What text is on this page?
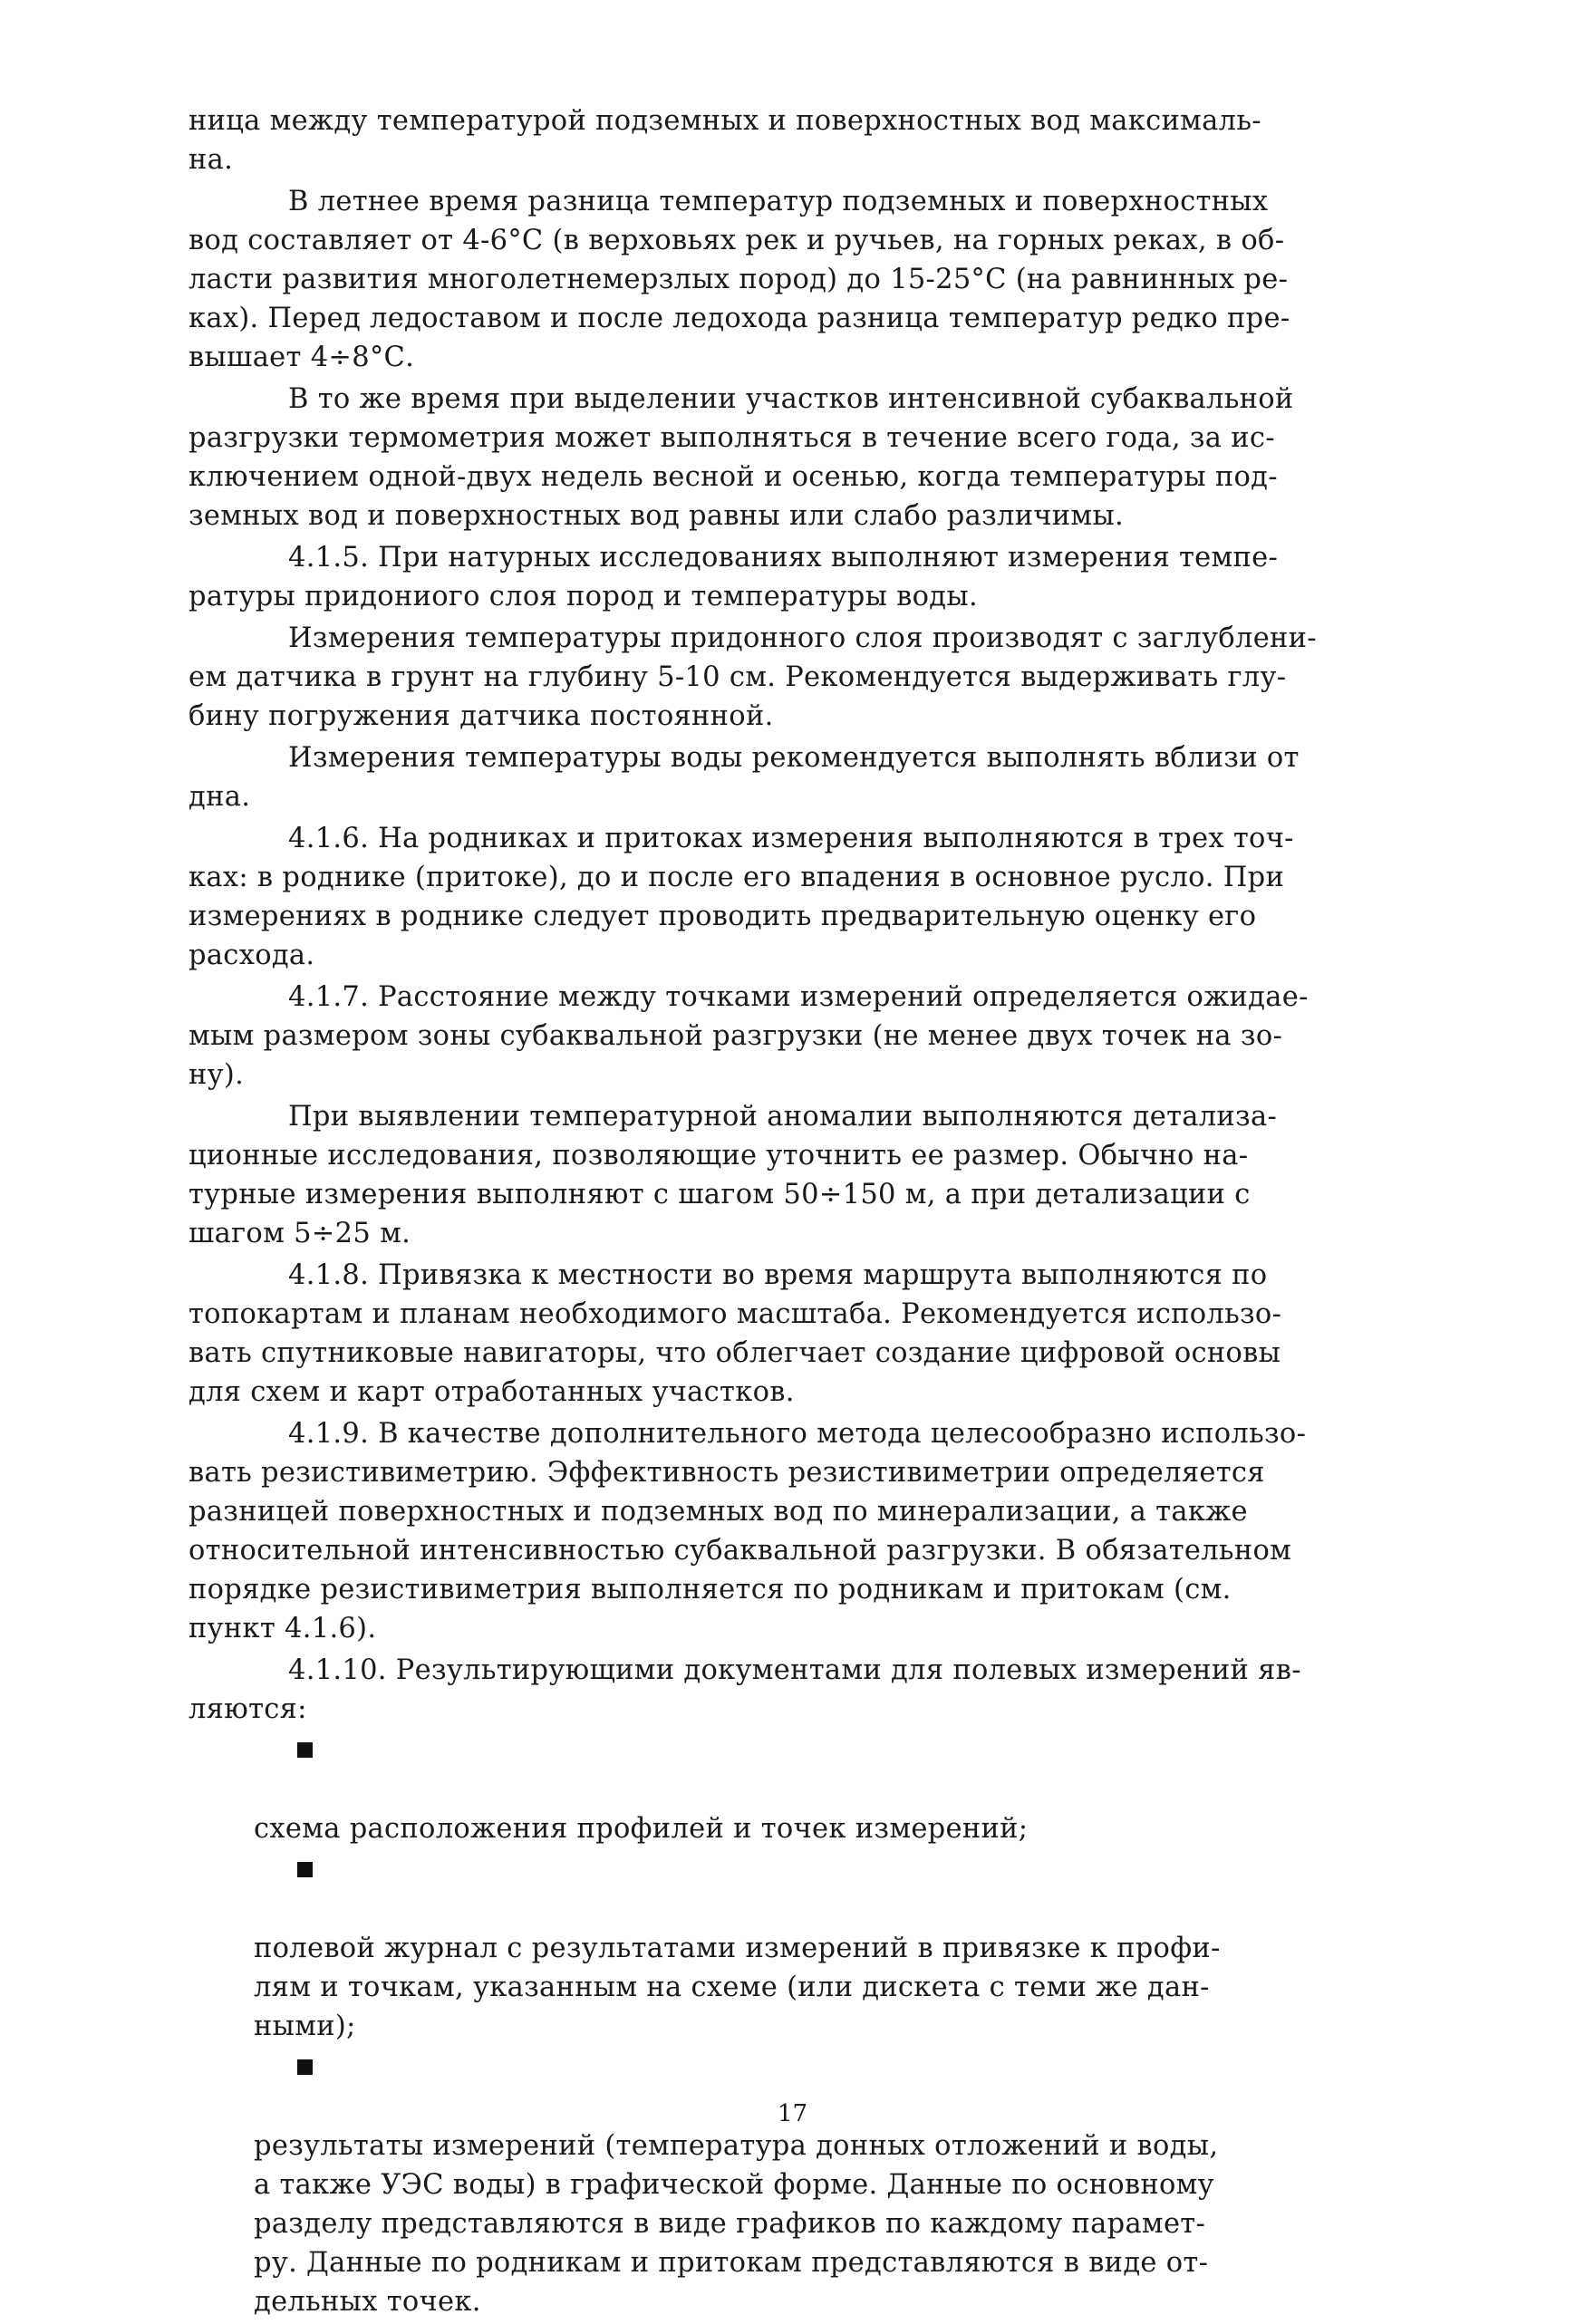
ница между температурой подземных и поверхностных вод максималь-
на.

В летнее время разница температур подземных и поверхностных
вод составляет от 4-6°С (в верховьях рек и ручьев, на горных реках, в об-
ласти развития многолетнемерзлых пород) до 15-25°С (на равнинных ре-
ках). Перед ледоставом и после ледохода разница температур редко пре-
вышает 4÷8°С.

В то же время при выделении участков интенсивной субаквальной
разгрузки термометрия может выполняться в течение всего года, за ис-
ключением одной-двух недель весной и осенью, когда температуры под-
земных вод и поверхностных вод равны или слабо различимы.

4.1.5. При натурных исследованиях выполняют измерения темпе-
ратуры придониого слоя пород и температуры воды.

Измерения температуры придонного слоя производят с заглублени-
ем датчика в грунт на глубину 5-10 см. Рекомендуется выдерживать глу-
бину погружения датчика постоянной.

Измерения температуры воды рекомендуется выполнять вблизи от
дна.

4.1.6. На родниках и притоках измерения выполняются в трех точ-
ках: в роднике (притоке), до и после его впадения в основное русло. При
измерениях в роднике следует проводить предварительную оценку его
расхода.

4.1.7. Расстояние между точками измерений определяется ожидае-
мым размером зоны субаквальной разгрузки (не менее двух точек на зо-
ну).

При выявлении температурной аномалии выполняются детализа-
ционные исследования, позволяющие уточнить ее размер. Обычно на-
турные измерения выполняют с шагом 50÷150 м, а при детализации с
шагом 5÷25 м.

4.1.8. Привязка к местности во время маршрута выполняются по
топокартам и планам необходимого масштаба. Рекомендуется использо-
вать спутниковые навигаторы, что облегчает создание цифровой основы
для схем и карт отработанных участков.

4.1.9. В качестве дополнительного метода целесообразно использо-
вать резистивиметрию. Эффективность резистивиметрии определяется
разницей поверхностных и подземных вод по минерализации, а также
относительной интенсивностью субаквальной разгрузки. В обязательном
порядке резистивиметрия выполняется по родникам и притокам (см.
пункт 4.1.6).

4.1.10. Результирующими документами для полевых измерений яв-
ляются:

схема расположения профилей и точек измерений;

полевой журнал с результатами измерений в привязке к профи-
лям и точкам, указанным на схеме (или дискета с теми же дан-
ными);

результаты измерений (температура донных отложений и воды,
а также УЭС воды) в графической форме. Данные по основному
разделу представляются в виде графиков по каждому парамет-
ру. Данные по родникам и притокам представляются в виде от-
дельных точек.

17
